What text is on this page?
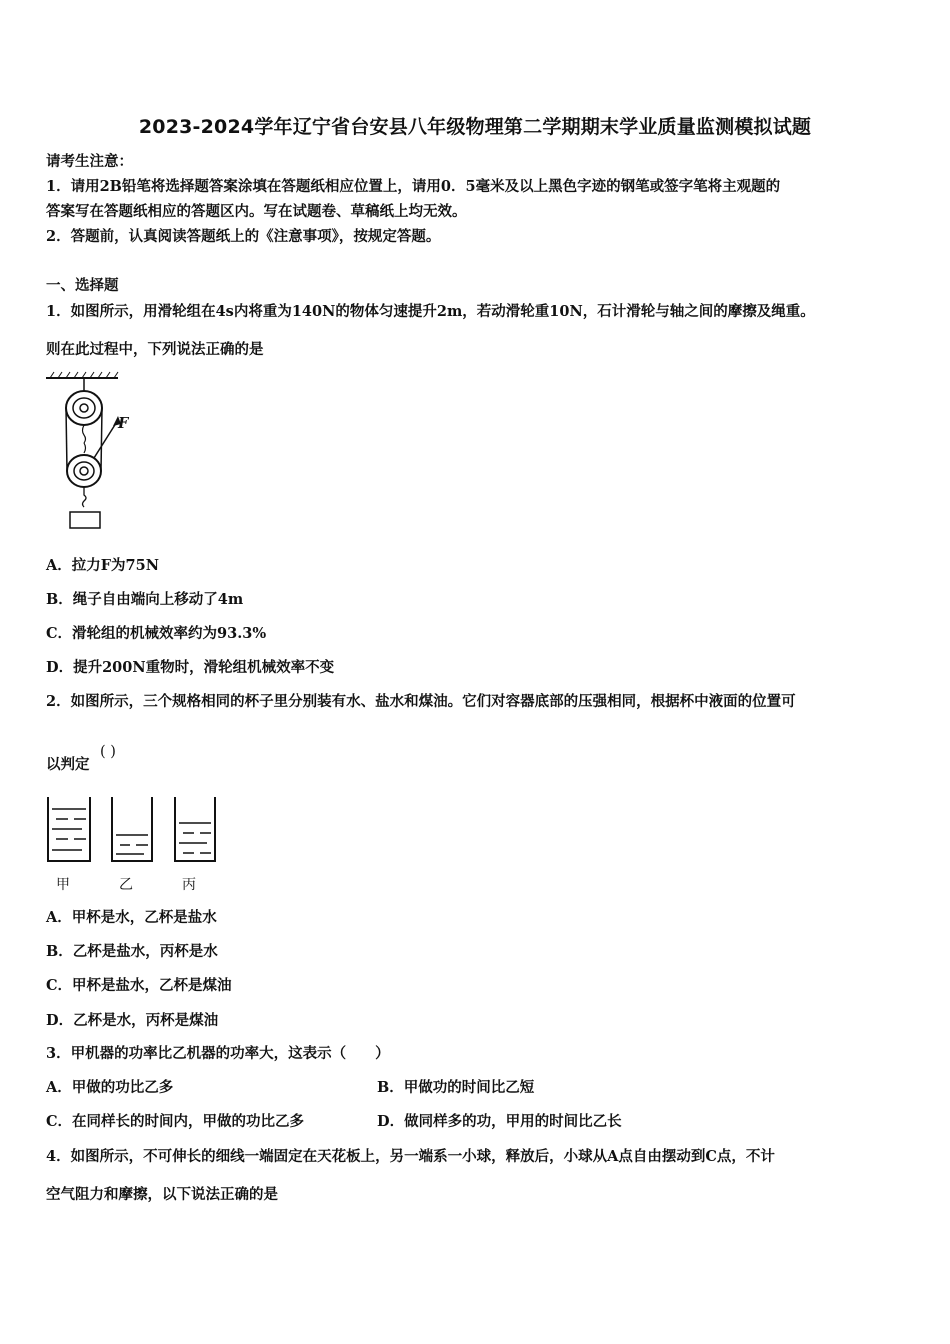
2023-2024学年辽宁省台安县八年级物理第二学期期末学业质量监测模拟试题
请考生注意：
1．请用2B铅笔将选择题答案涂填在答题纸相应位置上，请用0．5毫米及以上黑色字迹的钢笔或签字笔将主观题的
答案写在答题纸相应的答题区内。写在试题卷、草稿纸上均无效。
2．答题前，认真阅读答题纸上的《注意事项》，按规定答题。
一、选择题
1．如图所示，用滑轮组在4s内将重为140N的物体匀速提升2m，若动滑轮重10N，石计滑轮与轴之间的摩擦及绳重。
则在此过程中，下列说法正确的是
F
A．拉力F为75N
B．绳子自由端向上移动了4m
C．滑轮组的机械效率约为93.3%
D．提升200N重物时，滑轮组机械效率不变
2．如图所示，三个规格相同的杯子里分别装有水、盐水和煤油。它们对容器底部的压强相同，根据杯中液面的位置可
以判定
( )
甲	乙	丙
A．甲杯是水，乙杯是盐水
B．乙杯是盐水，丙杯是水
C．甲杯是盐水，乙杯是煤油
D．乙杯是水，丙杯是煤油
3．甲机器的功率比乙机器的功率大，这表示（　　）
A．甲做的功比乙多	B．甲做功的时间比乙短
C．在同样长的时间内，甲做的功比乙多	D．做同样多的功，甲用的时间比乙长
4．如图所示，不可伸长的细线一端固定在天花板上，另一端系一小球，释放后，小球从A点自由摆动到C点，不计
空气阻力和摩擦，以下说法正确的是
